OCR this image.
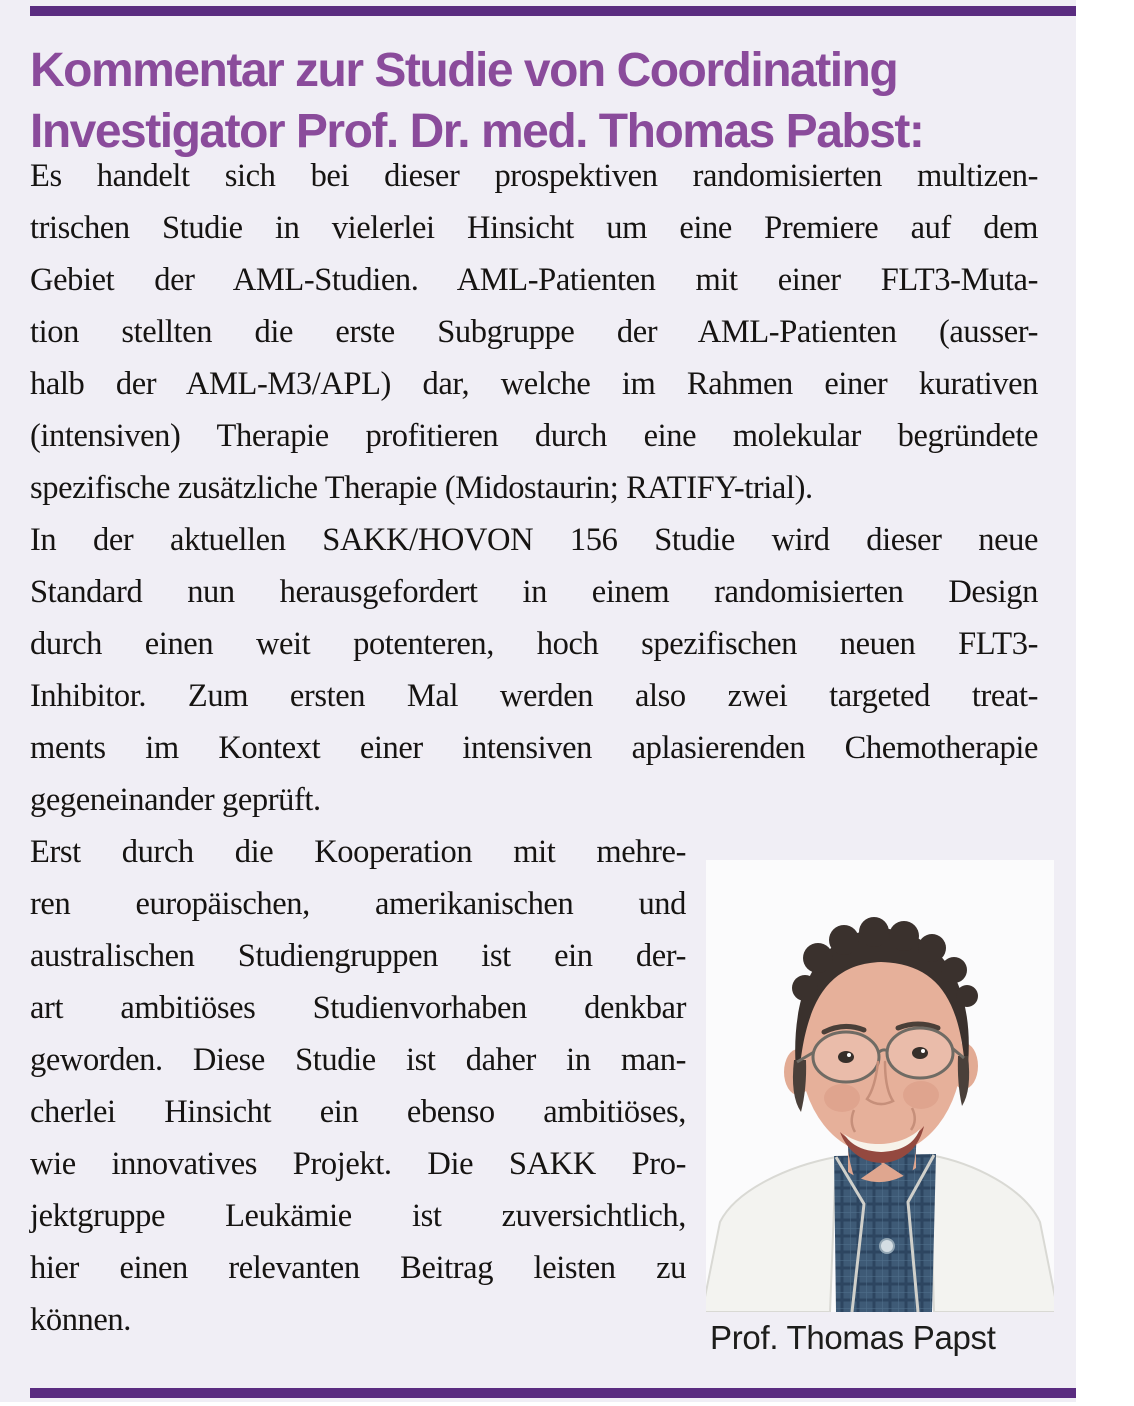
Kommentar zur Studie von Coordinating
Investigator Prof. Dr. med. Thomas Pabst:
Es handelt sich bei dieser prospektiven randomisierten multizen-
trischen Studie in vielerlei Hinsicht um eine Premiere auf dem
Gebiet der AML-Studien. AML-Patienten mit einer FLT3-Muta-
tion stellten die erste Subgruppe der AML-Patienten (ausser-
halb der AML-M3/APL) dar, welche im Rahmen einer kurativen
(intensiven) Therapie profitieren durch eine molekular begründete
spezifische zusätzliche Therapie (Midostaurin; RATIFY-trial).
In der aktuellen SAKK/HOVON 156 Studie wird dieser neue
Standard nun herausgefordert in einem randomisierten Design
durch einen weit potenteren, hoch spezifischen neuen FLT3-
Inhibitor. Zum ersten Mal werden also zwei targeted treat-
ments im Kontext einer intensiven aplasierenden Chemotherapie
gegeneinander geprüft.
Erst durch die Kooperation mit mehre-
ren europäischen, amerikanischen und
australischen Studiengruppen ist ein der-
art ambitiöses Studienvorhaben denkbar
geworden. Diese Studie ist daher in man-
cherlei Hinsicht ein ebenso ambitiöses,
wie innovatives Projekt. Die SAKK Pro-
jektgruppe Leukämie ist zuversichtlich,
hier einen relevanten Beitrag leisten zu
können.	Prof. Thomas Papst
